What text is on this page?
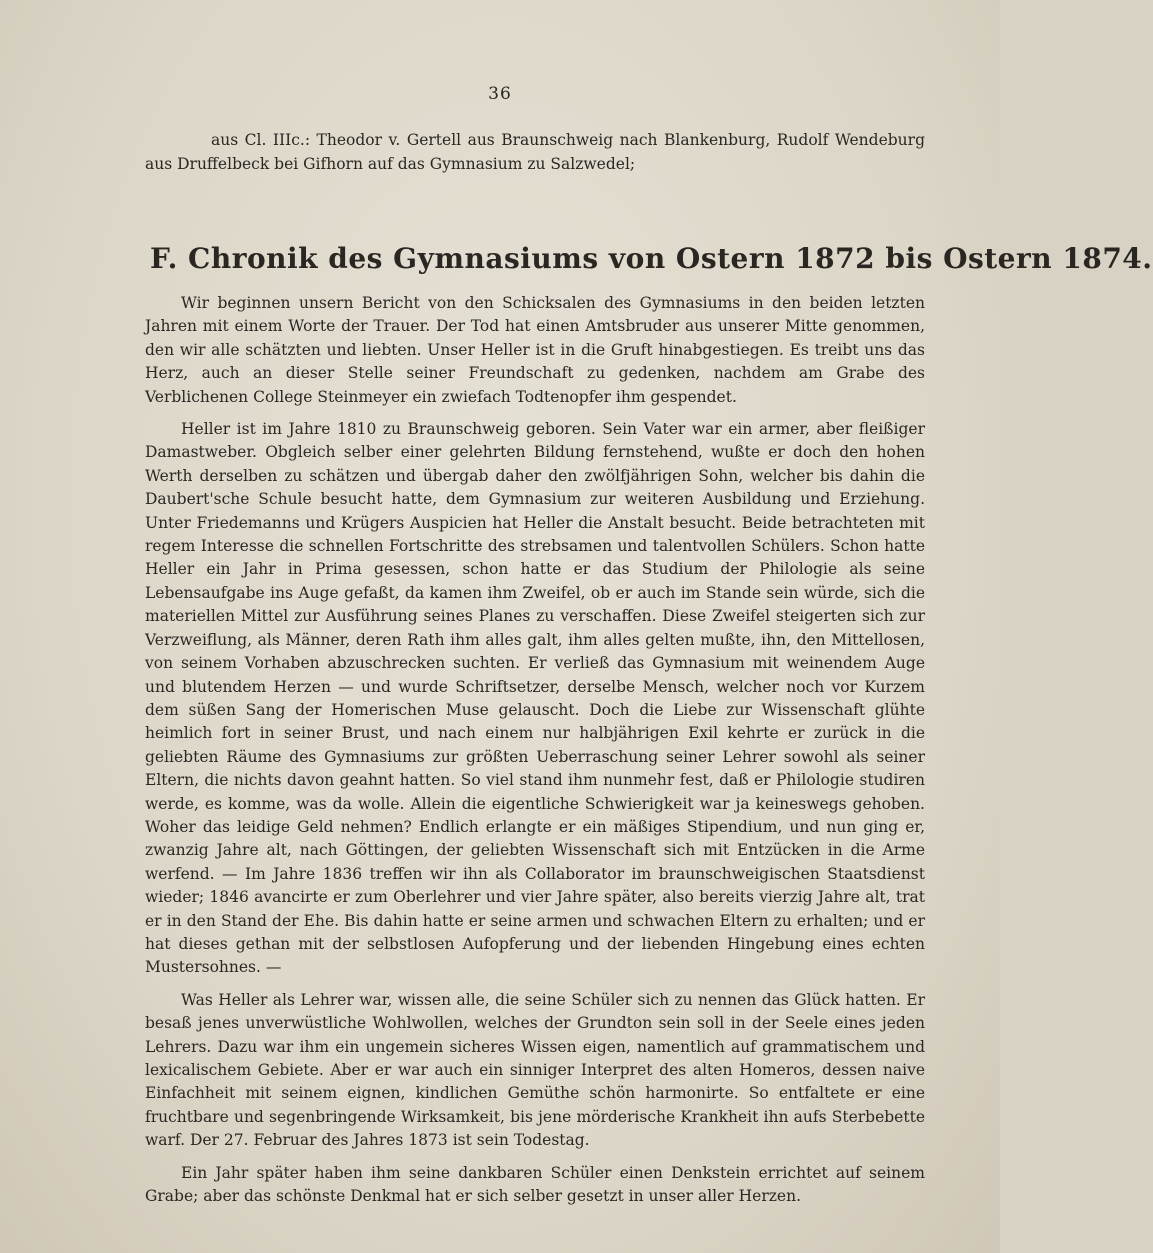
36
aus Cl. IIIc.: Theodor v. Gertell aus Braunschweig nach Blankenburg, Rudolf Wendeburg aus Druffelbeck bei Gifhorn auf das Gymnasium zu Salzwedel;
F. Chronik des Gymnasiums von Ostern 1872 bis Ostern 1874.

Wir beginnen unsern Bericht von den Schicksalen des Gymnasiums in den beiden letzten Jahren mit einem Worte der Trauer. Der Tod hat einen Amtsbruder aus unserer Mitte genommen, den wir alle schätzten und liebten. Unser Heller ist in die Gruft hinabgestiegen. Es treibt uns das Herz, auch an dieser Stelle seiner Freundschaft zu gedenken, nachdem am Grabe des Verblichenen College Steinmeyer ein zwiefach Todtenopfer ihm gespendet.

Heller ist im Jahre 1810 zu Braunschweig geboren. Sein Vater war ein armer, aber fleißiger Damastweber. Obgleich selber einer gelehrten Bildung fernstehend, wußte er doch den hohen Werth derselben zu schätzen und übergab daher den zwölfjährigen Sohn, welcher bis dahin die Daubert'sche Schule besucht hatte, dem Gymnasium zur weiteren Ausbildung und Erziehung. Unter Friedemanns und Krügers Auspicien hat Heller die Anstalt besucht. Beide betrachteten mit regem Interesse die schnellen Fortschritte des strebsamen und talentvollen Schülers. Schon hatte Heller ein Jahr in Prima gesessen, schon hatte er das Studium der Philologie als seine Lebensaufgabe ins Auge gefaßt, da kamen ihm Zweifel, ob er auch im Stande sein würde, sich die materiellen Mittel zur Ausführung seines Planes zu verschaffen. Diese Zweifel steigerten sich zur Verzweiflung, als Männer, deren Rath ihm alles galt, ihm alles gelten mußte, ihn, den Mittellosen, von seinem Vorhaben abzuschrecken suchten. Er verließ das Gymnasium mit weinendem Auge und blutendem Herzen — und wurde Schriftsetzer, derselbe Mensch, welcher noch vor Kurzem dem süßen Sang der Homerischen Muse gelauscht. Doch die Liebe zur Wissenschaft glühte heimlich fort in seiner Brust, und nach einem nur halbjährigen Exil kehrte er zurück in die geliebten Räume des Gymnasiums zur größten Ueberraschung seiner Lehrer sowohl als seiner Eltern, die nichts davon geahnt hatten. So viel stand ihm nunmehr fest, daß er Philologie studiren werde, es komme, was da wolle. Allein die eigentliche Schwierigkeit war ja keineswegs gehoben. Woher das leidige Geld nehmen? Endlich erlangte er ein mäßiges Stipendium, und nun ging er, zwanzig Jahre alt, nach Göttingen, der geliebten Wissenschaft sich mit Entzücken in die Arme werfend. — Im Jahre 1836 treffen wir ihn als Collaborator im braunschweigischen Staatsdienst wieder; 1846 avancirte er zum Oberlehrer und vier Jahre später, also bereits vierzig Jahre alt, trat er in den Stand der Ehe. Bis dahin hatte er seine armen und schwachen Eltern zu erhalten; und er hat dieses gethan mit der selbstlosen Aufopferung und der liebenden Hingebung eines echten Mustersohnes. —

Was Heller als Lehrer war, wissen alle, die seine Schüler sich zu nennen das Glück hatten. Er besaß jenes unverwüstliche Wohlwollen, welches der Grundton sein soll in der Seele eines jeden Lehrers. Dazu war ihm ein ungemein sicheres Wissen eigen, namentlich auf grammatischem und lexicalischem Gebiete. Aber er war auch ein sinniger Interpret des alten Homeros, dessen naive Einfachheit mit seinem eignen, kindlichen Gemüthe schön harmonirte. So entfaltete er eine fruchtbare und segenbringende Wirksamkeit, bis jene mörderische Krankheit ihn aufs Sterbebette warf. Der 27. Februar des Jahres 1873 ist sein Todestag.

Ein Jahr später haben ihm seine dankbaren Schüler einen Denkstein errichtet auf seinem Grabe; aber das schönste Denkmal hat er sich selber gesetzt in unser aller Herzen.
